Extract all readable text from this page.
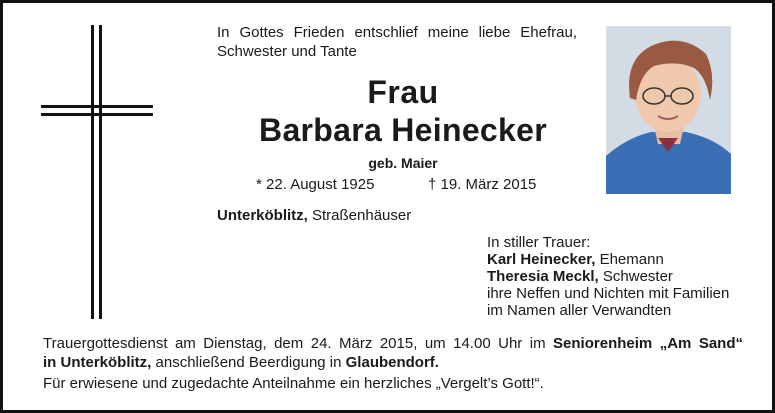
In Gottes Frieden entschlief meine liebe Ehefrau,
Schwester und Tante
Frau
Barbara Heinecker
geb. Maier
* 22. August 1925	† 19. März 2015
Unterköblitz, Straßenhäuser
In stiller Trauer:
Karl Heinecker, Ehemann
Theresia Meckl, Schwester
ihre Neffen und Nichten mit Familien
im Namen aller Verwandten
Trauergottesdienst am Dienstag, dem 24. März 2015, um 14.00 Uhr im Seniorenheim „Am Sand“
in Unterköblitz, anschließend Beerdigung in Glaubendorf.
Für erwiesene und zugedachte Anteilnahme ein herzliches „Vergelt’s Gott!“.
